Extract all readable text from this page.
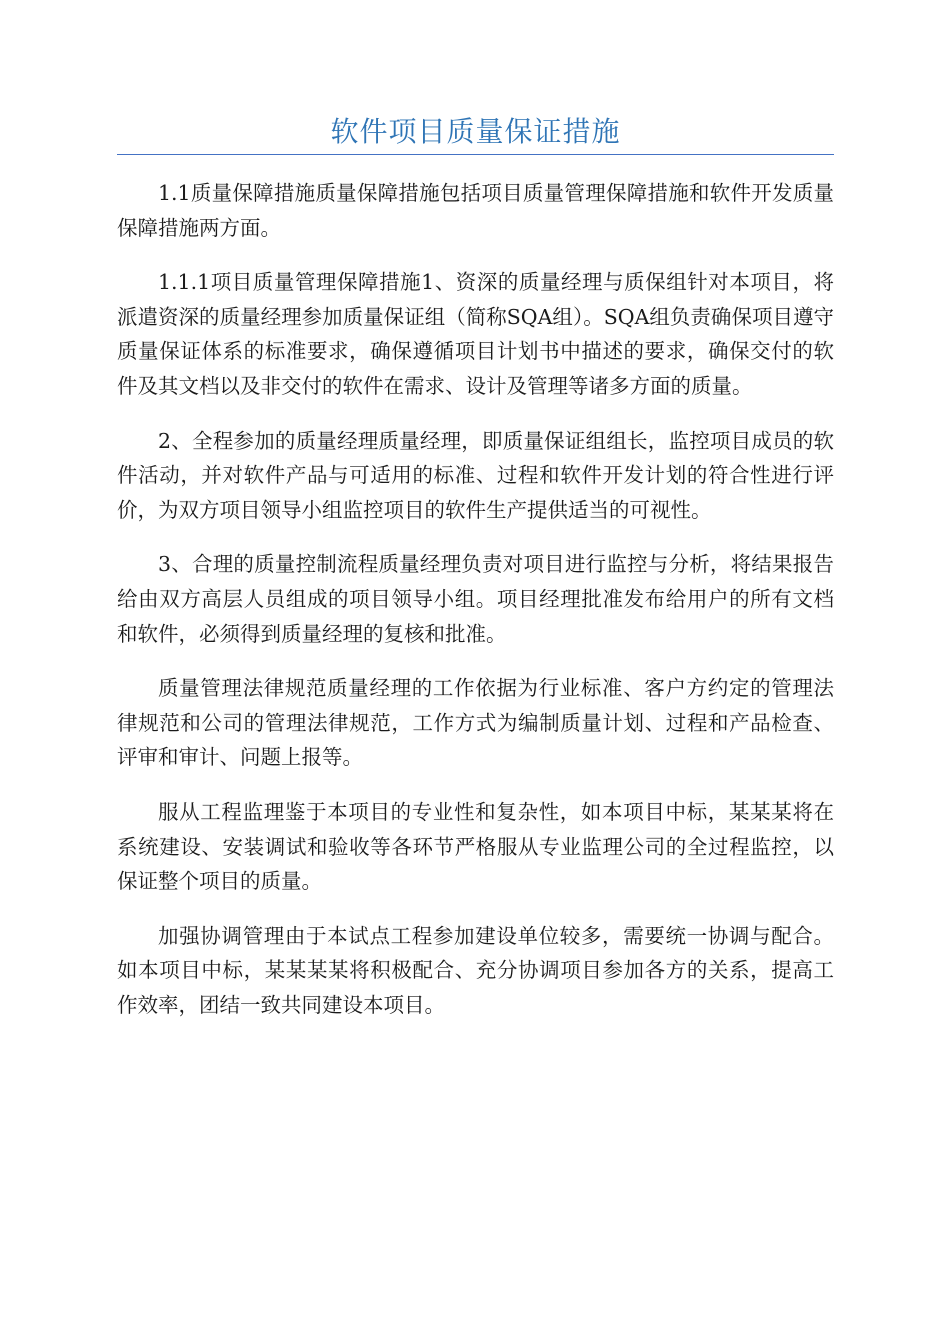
软件项目质量保证措施

1.1质量保障措施质量保障措施包括项目质量管理保障措施和软件开发质量保障措施两方面。

1.1.1项目质量管理保障措施1、资深的质量经理与质保组针对本项目，将派遣资深的质量经理参加质量保证组（简称SQA组）。SQA组负责确保项目遵守质量保证体系的标准要求，确保遵循项目计划书中描述的要求，确保交付的软件及其文档以及非交付的软件在需求、设计及管理等诸多方面的质量。

2、全程参加的质量经理质量经理，即质量保证组组长，监控项目成员的软件活动，并对软件产品与可适用的标准、过程和软件开发计划的符合性进行评价，为双方项目领导小组监控项目的软件生产提供适当的可视性。

3、合理的质量控制流程质量经理负责对项目进行监控与分析，将结果报告给由双方高层人员组成的项目领导小组。项目经理批准发布给用户的所有文档和软件，必须得到质量经理的复核和批准。

质量管理法律规范质量经理的工作依据为行业标准、客户方约定的管理法律规范和公司的管理法律规范，工作方式为编制质量计划、过程和产品检查、评审和审计、问题上报等。

服从工程监理鉴于本项目的专业性和复杂性，如本项目中标，某某某将在系统建设、安装调试和验收等各环节严格服从专业监理公司的全过程监控，以保证整个项目的质量。

加强协调管理由于本试点工程参加建设单位较多，需要统一协调与配合。如本项目中标，某某某某将积极配合、充分协调项目参加各方的关系，提高工作效率，团结一致共同建设本项目。
